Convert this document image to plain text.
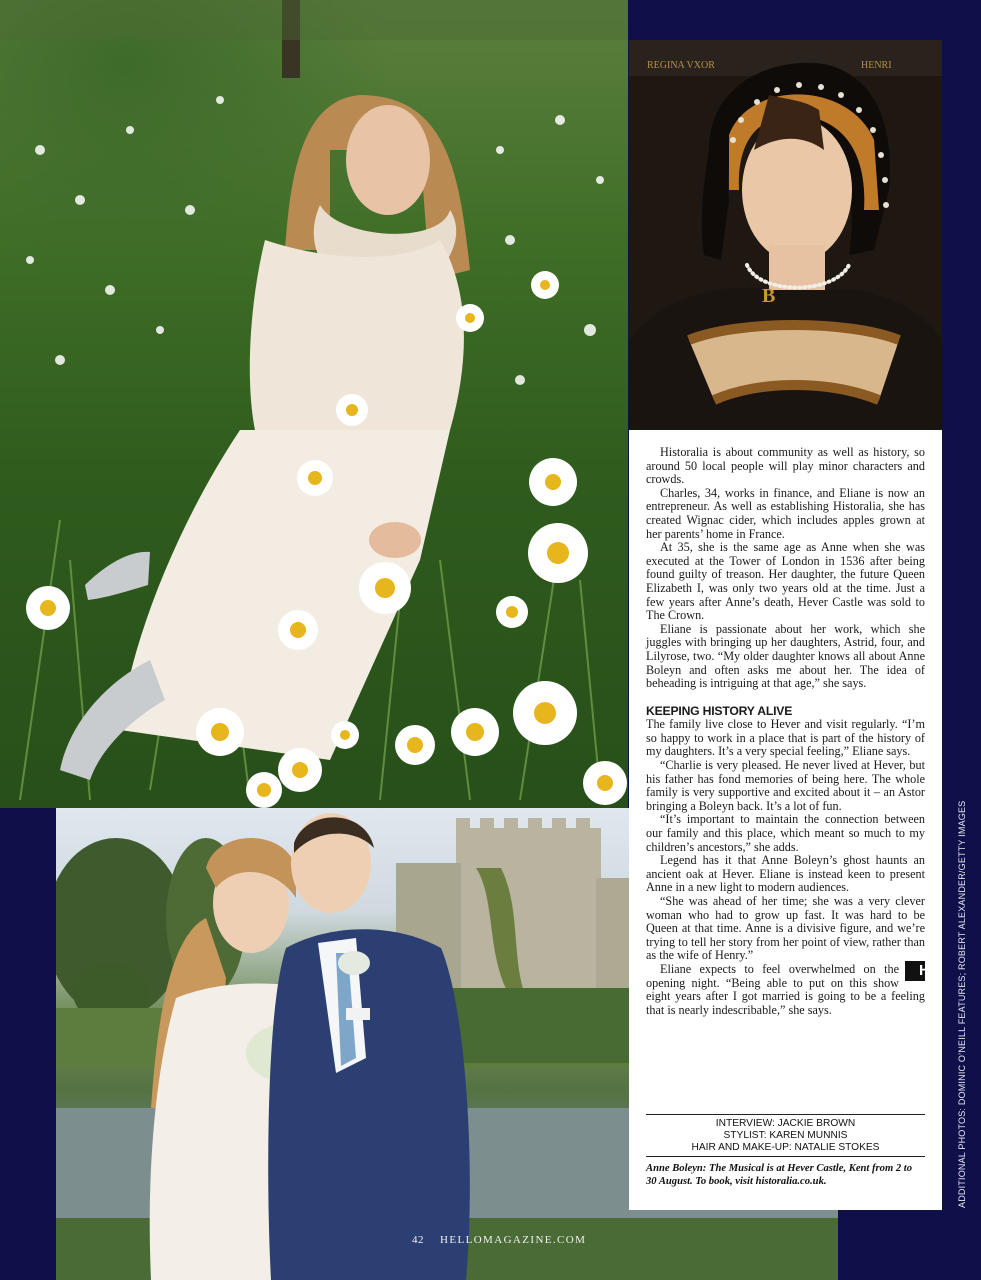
REGINA VXOR	HENRI
B

Historalia is about community as well as history, so around 50 local people will play minor characters and crowds.

Charles, 34, works in finance, and Eliane is now an entrepreneur. As well as establishing Historalia, she has created Wignac cider, which includes apples grown at her parents’ home in France.

At 35, she is the same age as Anne when she was executed at the Tower of London in 1536 after being found guilty of treason. Her daughter, the future Queen Elizabeth I, was only two years old at the time. Just a few years after Anne’s death, Hever Castle was sold to The Crown.

Eliane is passionate about her work, which she juggles with bringing up her daughters, Astrid, four, and Lilyrose, two. “My older daughter knows all about Anne Boleyn and often asks me about her. The idea of beheading is intriguing at that age,” she says.

KEEPING HISTORY ALIVE

The family live close to Hever and visit regularly. “I’m so happy to work in a place that is part of the history of my daughters. It’s a very special feeling,” Eliane says.

“Charlie is very pleased. He never lived at Hever, but his father has fond memories of being here. The whole family is very supportive and excited about it – an Astor bringing a Boleyn back. It’s a lot of fun.

“It’s important to maintain the connection between our family and this place, which meant so much to my children’s ancestors,” she adds.

Legend has it that Anne Boleyn’s ghost haunts an ancient oak at Hever. Eliane is instead keen to present Anne in a new light to modern audiences.

“She was ahead of her time; she was a very clever woman who had to grow up fast. It was hard to be Queen at that time. Anne is a divisive figure, and we’re trying to tell her story from her point of view, rather than as the wife of Henry.”

H
Eliane expects to feel overwhelmed on the opening night. “Being able to put on this show eight years after I got married is going to be a feeling that is nearly indescribable,” she says.

INTERVIEW: JACKIE BROWN
STYLIST: KAREN MUNNIS
HAIR AND MAKE-UP: NATALIE STOKES
Anne Boleyn: The Musical is at Hever Castle, Kent from 2 to 30 August. To book, visit historalia.co.uk.	ADDITIONAL PHOTOS: DOMINIC O’NEILL FEATURES; ROBERT ALEXANDER/GETTY IMAGES
42 HELLOMAGAZINE.COM
